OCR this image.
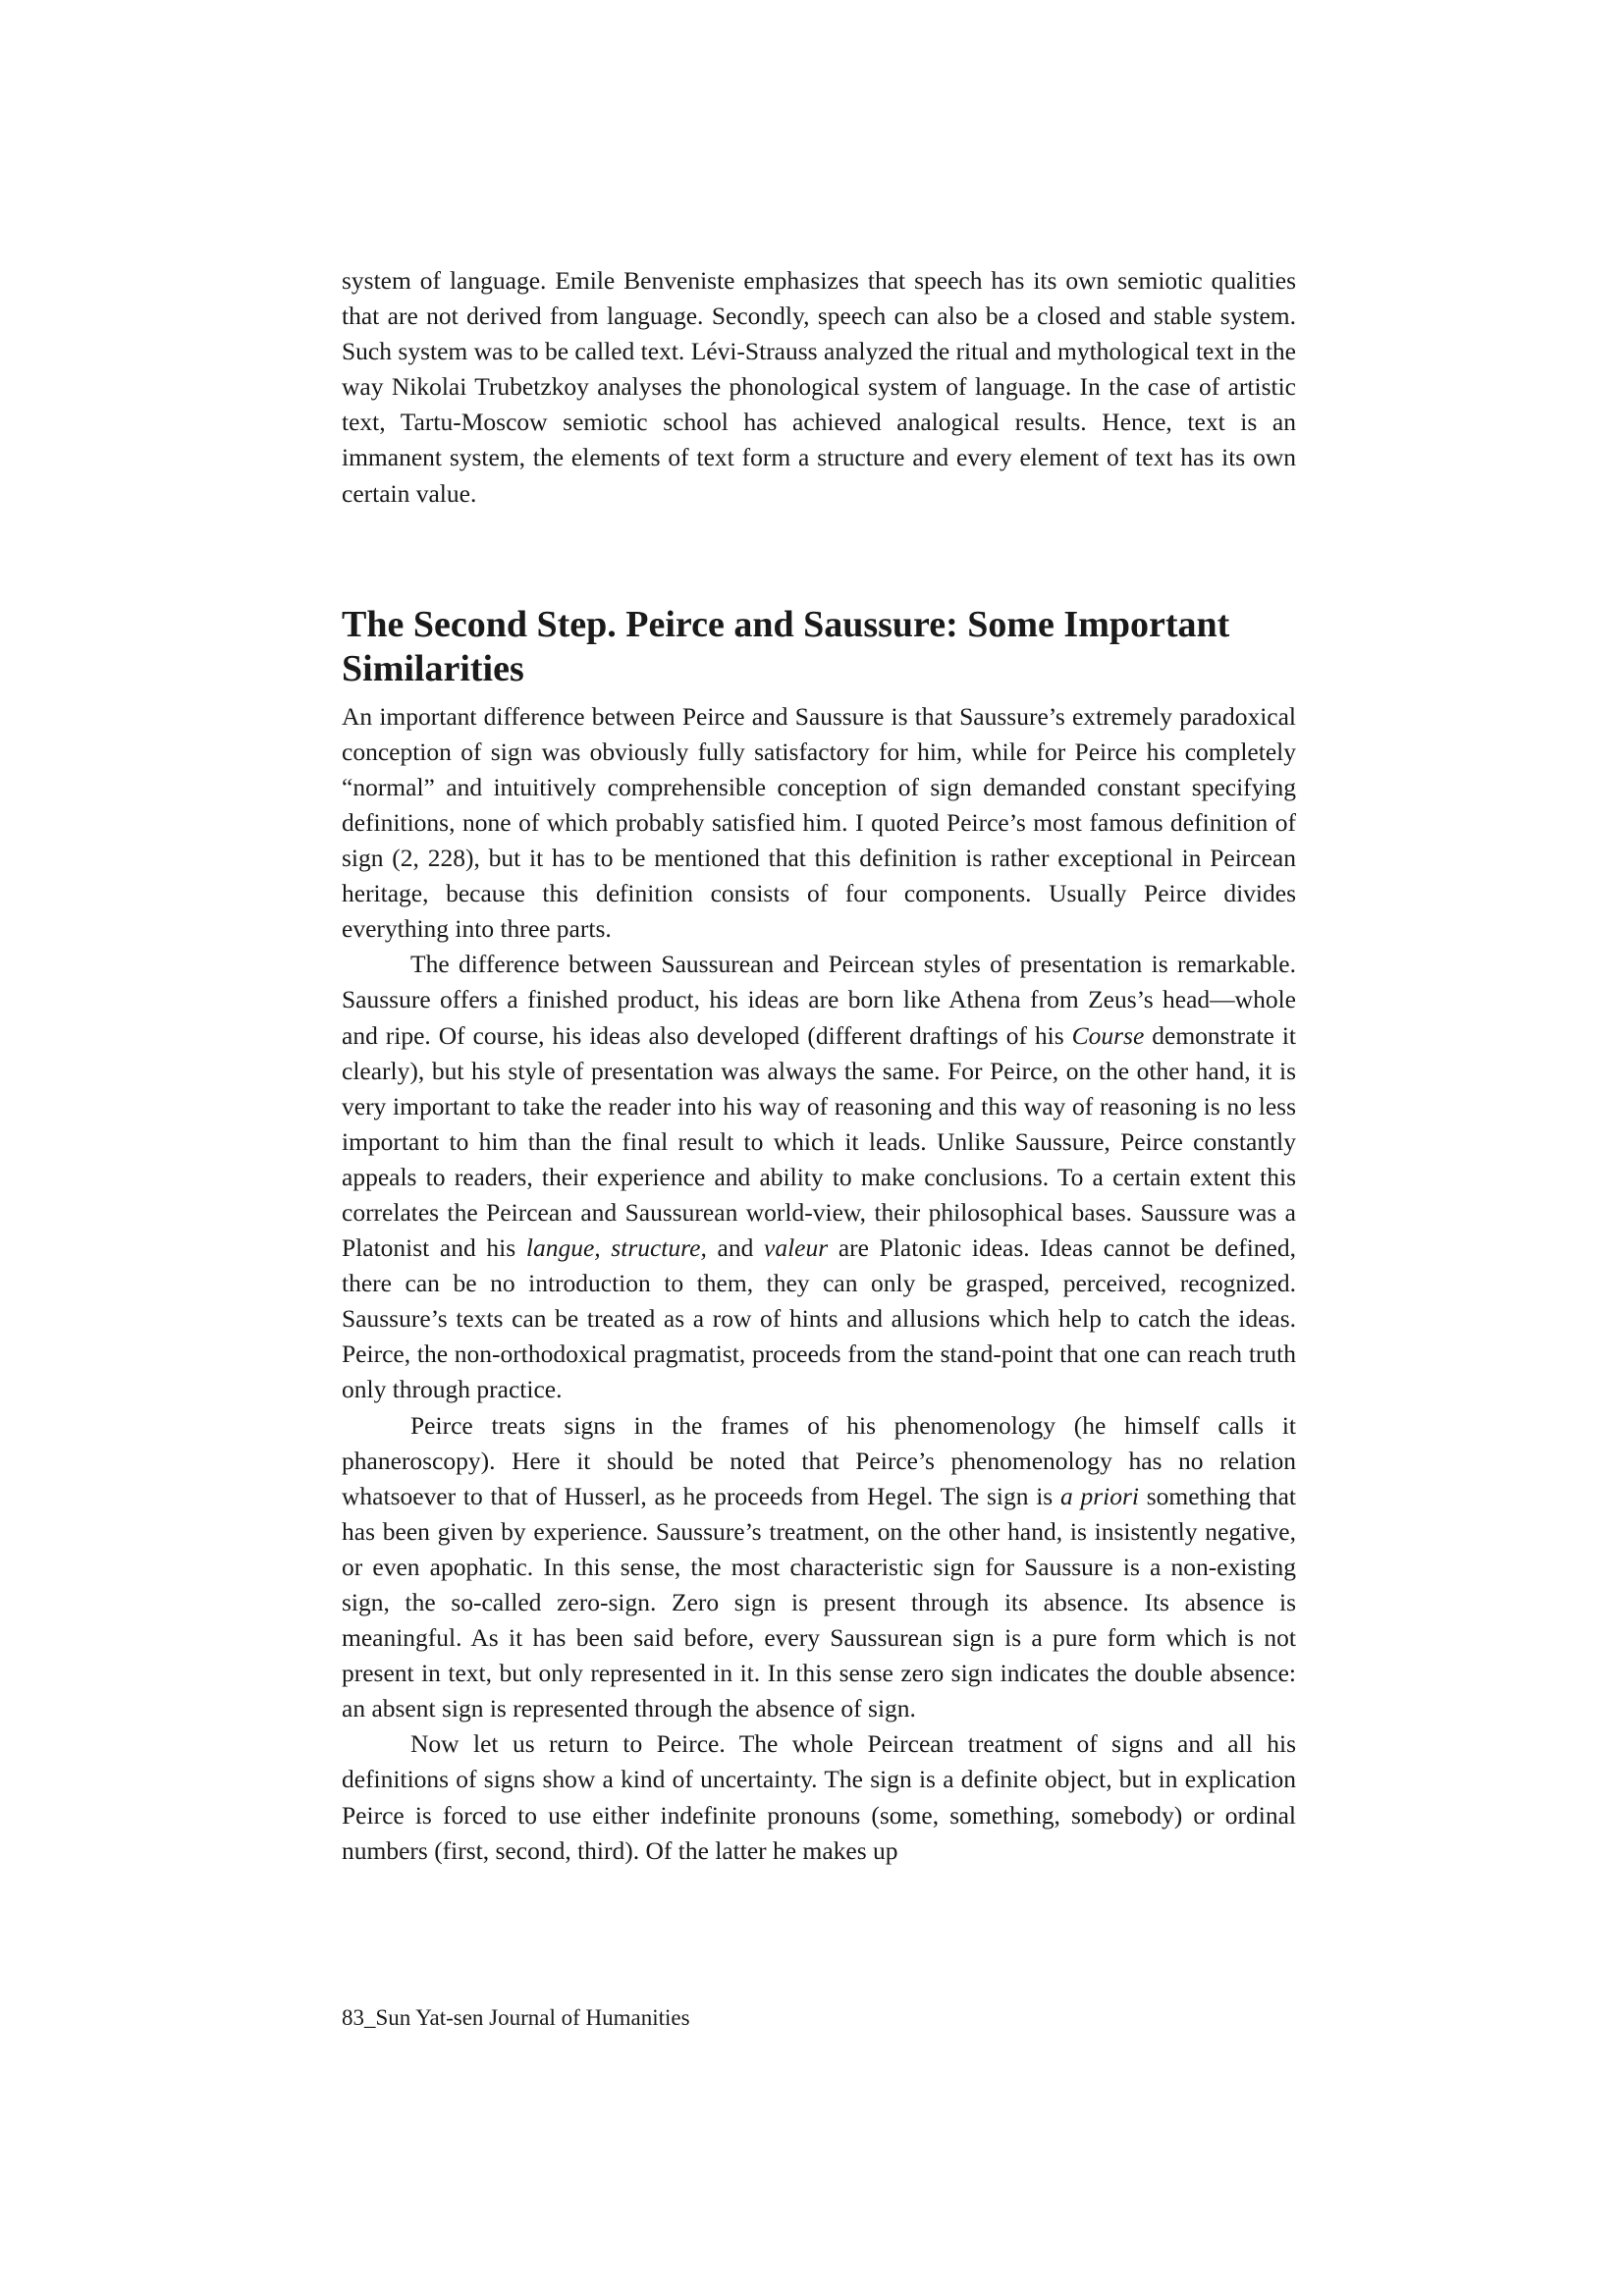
system of language. Emile Benveniste emphasizes that speech has its own semiotic qualities that are not derived from language. Secondly, speech can also be a closed and stable system. Such system was to be called text. Lévi-Strauss analyzed the ritual and mythological text in the way Nikolai Trubetzkoy analyses the phonological system of language. In the case of artistic text, Tartu-Moscow semiotic school has achieved analogical results. Hence, text is an immanent system, the elements of text form a structure and every element of text has its own certain value.

The Second Step. Peirce and Saussure: Some Important Similarities

An important difference between Peirce and Saussure is that Saussure’s extremely paradoxical conception of sign was obviously fully satisfactory for him, while for Peirce his completely “normal” and intuitively comprehensible conception of sign demanded constant specifying definitions, none of which probably satisfied him. I quoted Peirce’s most famous definition of sign (2, 228), but it has to be mentioned that this definition is rather exceptional in Peircean heritage, because this definition consists of four components. Usually Peirce divides everything into three parts.

The difference between Saussurean and Peircean styles of presentation is remarkable. Saussure offers a finished product, his ideas are born like Athena from Zeus’s head—whole and ripe. Of course, his ideas also developed (different draftings of his Course demonstrate it clearly), but his style of presentation was always the same. For Peirce, on the other hand, it is very important to take the reader into his way of reasoning and this way of reasoning is no less important to him than the final result to which it leads. Unlike Saussure, Peirce constantly appeals to readers, their experience and ability to make conclusions. To a certain extent this correlates the Peircean and Saussurean world-view, their philosophical bases. Saussure was a Platonist and his langue, structure, and valeur are Platonic ideas. Ideas cannot be defined, there can be no introduction to them, they can only be grasped, perceived, recognized. Saussure’s texts can be treated as a row of hints and allusions which help to catch the ideas. Peirce, the non-orthodoxical pragmatist, proceeds from the stand-point that one can reach truth only through practice.

Peirce treats signs in the frames of his phenomenology (he himself calls it phaneroscopy). Here it should be noted that Peirce’s phenomenology has no relation whatsoever to that of Husserl, as he proceeds from Hegel. The sign is a priori something that has been given by experience. Saussure’s treatment, on the other hand, is insistently negative, or even apophatic. In this sense, the most characteristic sign for Saussure is a non-existing sign, the so-called zero-sign. Zero sign is present through its absence. Its absence is meaningful. As it has been said before, every Saussurean sign is a pure form which is not present in text, but only represented in it. In this sense zero sign indicates the double absence: an absent sign is represented through the absence of sign.

Now let us return to Peirce. The whole Peircean treatment of signs and all his definitions of signs show a kind of uncertainty. The sign is a definite object, but in explication Peirce is forced to use either indefinite pronouns (some, something, somebody) or ordinal numbers (first, second, third). Of the latter he makes up

83_Sun Yat-sen Journal of Humanities
